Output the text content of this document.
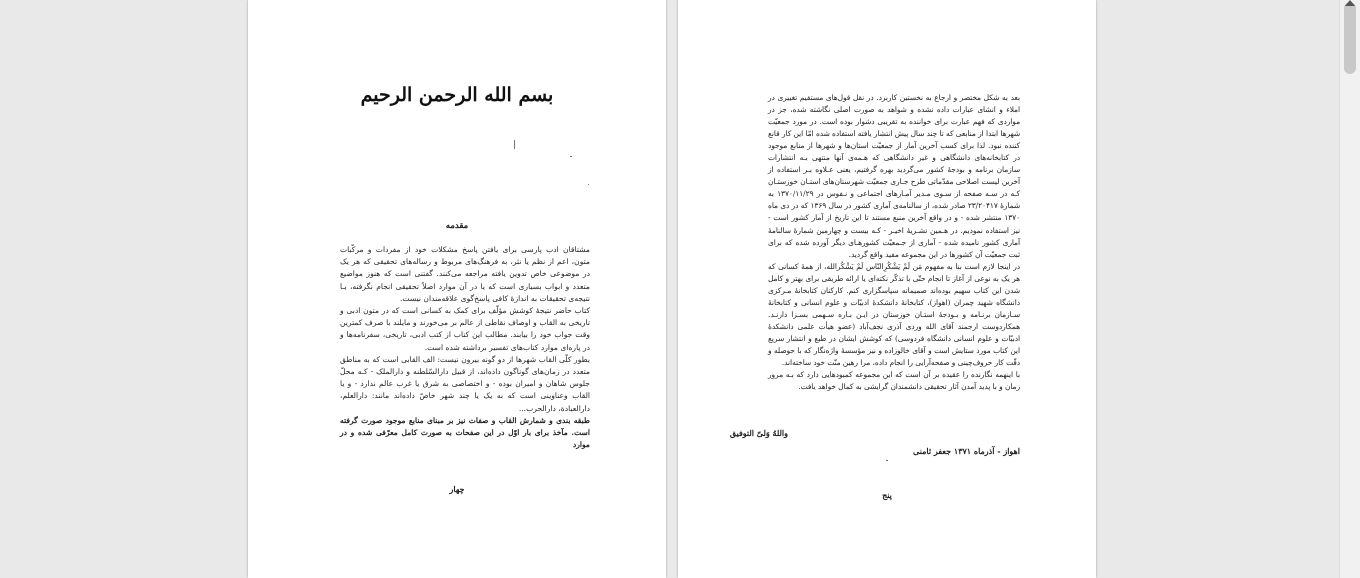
بسم الله الرحمن الرحیم
مقدمه

مشتاقان ادب پارسی برای یافتن پاسخ مشکلات خود از مفردات و مرکّبات متون، اعم از نظم یا نثر، به فرهنگ‌های مربوط و رساله‌های تحقیقی که هر یک در موضوعی خاص تدوین یافته مراجعه می‌کنند. گفتنی است که هنوز مواضیع متعدد و ابواب بسیاری است که یا در آن موارد اصلاً تحقیقی انجام نگرفته، یـا نتیجه‌ی تحقیقات به اندازهٔ کافی پاسخ‌گوی علاقه‌مندان نیست.

کتاب حاضر نتیجهٔ کوشش مؤلّف برای کمک به کسانی است که در متون ادبی و تاریخی به القاب و اوصاف نقاطی از عالم بر می‌خورند و مایلند با صرف کمترین وقت جواب خود را بیابند. مطالب این کتاب از کتب ادبی، تاریخی، سفرنامه‌ها و در پاره‌ای موارد کتاب‌های تفسیر برداشته شده است.

بطور کلّی القاب شهرها از دو گونه بیرون نیست: الف القابی است که به مناطق متعدد در زمان‌های گوناگون داده‌اند، از قبیل دارالسّلطنه و دارالملک - کـه محلّ جلوس شاهان و امیران بوده - و اختصاصی به شرق یا غرب عالم ندارد - و یا القاب وعناوینی است که به یک یا چند شهر خاصّ داده‌اند مانند: دارالعلم، دارالعبادة، دارالحرب...

طبقه بندی و شمارش القاب و صفات نیز بر مبنای منابع موجود صورت گرفته است. مآخذ برای بار اوّل در این صفحات به صورت کامل معرّفی شده و در موارد

چهار

بعد به شکل مختصر و ارجاع به نخستین کاربرد. در نقل قول‌های مستقیم تغییری در املاء و انشای عبارات داده نشده و شواهد به صورت اصلی نگاشته شده، جز در مواردی که فهم عبارت برای خواننده به تقریبی دشوار بوده است. در مورد جمعیّت شهرها ابتدا از منابعی که تا چند سال پیش انتشار یافته استفاده شده امّا این کار قانع کننده نبود. لذا برای کسب آخرین آمار از جمعیّت استان‌ها و شهرها از منابع موجود در کتابخانه‌های دانشگاهی و غیر دانشگاهی که هـمه‌ی آنها منتهی بـه انتشارات سازمان برنامه و بودجهٔ کشور می‌گردید بهره گرفتیم، یعنی عـلاوه بـر استفاده از آخرین لیست اصلاحی مقدّماتی طرح جـاری جمعیّت شهرستان‌های استـان خوزستـان کـه در سـه صفحه از سـوی مـدیر آمـارهای اجتماعی و نـفوس در ۱۳۷۰/۱۱/۲۹ به شمارهٔ ۲۳/۲۰۴۱۷ صادر شده، از سالنامه‌ی آماری کشور در سال ۱۳۶۹ که در دی ماه ۱۳۷۰ منتشر شده - و در واقع آخرین منبع مستند تا این تاریخ از آمار کشور است - نیز استفاده نمودیم. در هـمین نشـریهٔ اخیـر - کـه بیست و چهارمین شمارهٔ سالنامهٔ آماری کشور نامیده شده - آماری از جـمعیّت کشورهـای دیگر آورده شده که برای ثبت جمعیّت آن کشورها در این مجموعه مفید واقع گردید.

در اینجا لازم است بنا به مفهوم مَن لَمْ یَشْکُرِالنّاس لَمْ یَشْکُرالله، از همهٔ کسانی که هر یک به نوعی از آغاز تا انجام حتّی با تذکّر نکته‌ای یا ارائه طریقی برای بهتر و کامل شدن این کتاب سهیم بوده‌اند صمیمانه سپاسگزاری کنم. کارکنان کتابخانهٔ مـرکزی دانشگاه شهید چمران (اهواز)، کتابخانهٔ دانشکدهٔ ادبیّات و علوم انسانی و کتابخانهٔ سـازمان برنـامه و بـودجهٔ استـان خوزستان در ایـن بـاره سـهمی بسـزا دارنـد. همکاردوست ارجمند آقای الله وردی آذری نجف‌آباد (عضو هیأت علمی دانشکدهٔ ادبیّات و علوم انسانی دانشگاه فردوسی) که کوشش ایشان در طبع و انتشار سریع این کتاب مورد ستایش است و آقای خالوزاده و نیز مؤسسهٔ واژه‌نگار که با حوصله و دقّت کار حروف‌چینی و صفحه‌آرایی را انجام داده، مرا رهین منّت خود ساخته‌اند.

با اینهمه نگارنده را عقیده بر آن است که این مجموعه کمبودهایی دارد که بـه مرور زمان و با پدید آمدن آثار تحقیقی دانشمندان گرایشی به کمال خواهد یافت.

واللهُ وَلیّ التوفیق
اهواز - آذرماه ۱۳۷۱ جعفر ثامنی
پنج
